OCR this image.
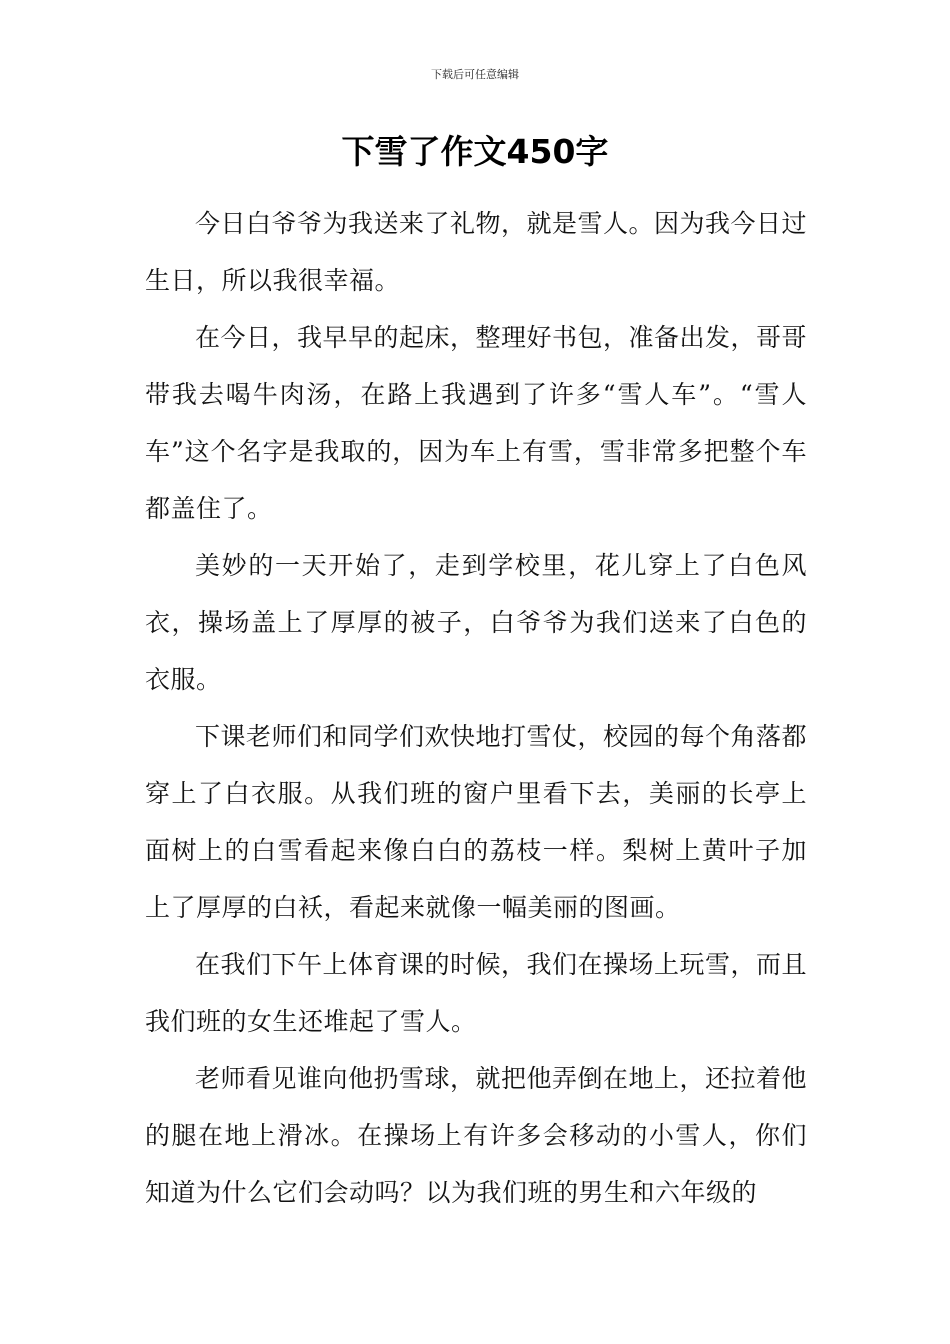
下载后可任意编辑
下雪了作文450字

今日白爷爷为我送来了礼物，就是雪人。因为我今日过生日，所以我很幸福。

在今日，我早早的起床，整理好书包，准备出发，哥哥带我去喝牛肉汤，在路上我遇到了许多“雪人车”。“雪人车”这个名字是我取的，因为车上有雪，雪非常多把整个车都盖住了。

美妙的一天开始了，走到学校里，花儿穿上了白色风衣，操场盖上了厚厚的被子，白爷爷为我们送来了白色的衣服。

下课老师们和同学们欢快地打雪仗，校园的每个角落都穿上了白衣服。从我们班的窗户里看下去，美丽的长亭上面树上的白雪看起来像白白的荔枝一样。梨树上黄叶子加上了厚厚的白袄，看起来就像一幅美丽的图画。

在我们下午上体育课的时候，我们在操场上玩雪，而且我们班的女生还堆起了雪人。

老师看见谁向他扔雪球，就把他弄倒在地上，还拉着他的腿在地上滑冰。在操场上有许多会移动的小雪人，你们知道为什么它们会动吗？以为我们班的男生和六年级的
